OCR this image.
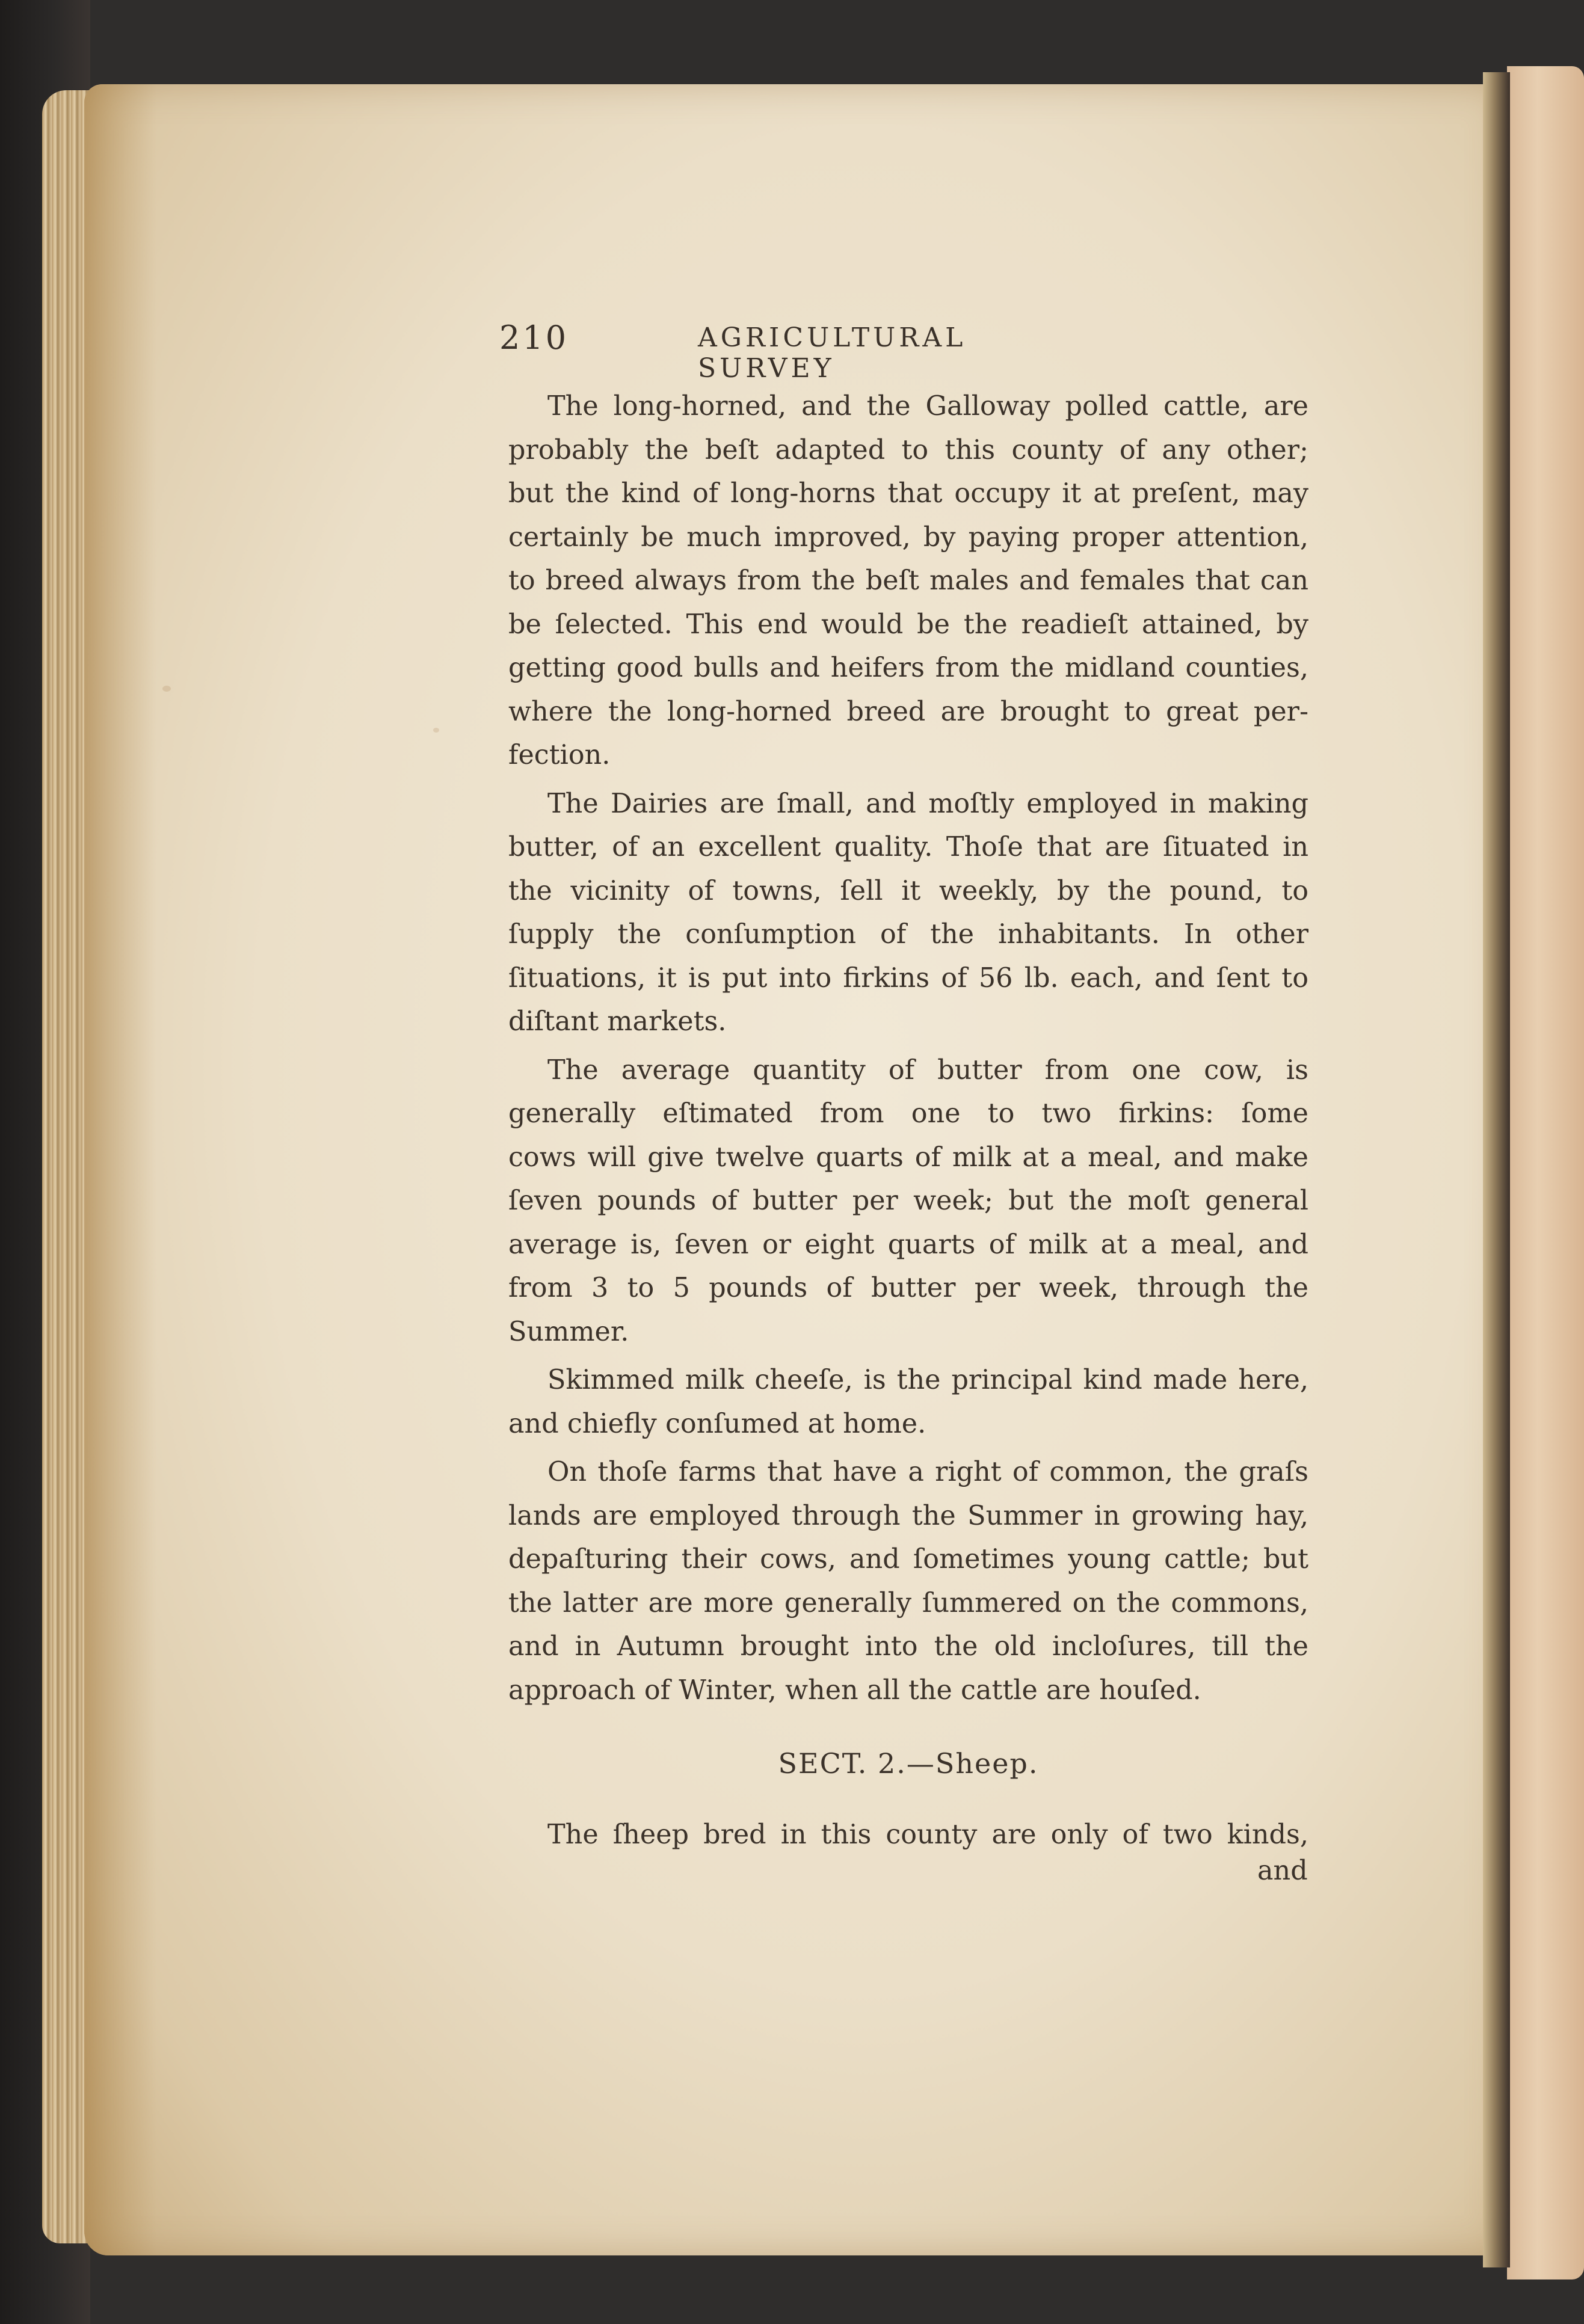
210	AGRICULTURAL SURVEY
The long-horned, and the Galloway polled cattle, are
probably the beſt adapted to this county of any other;
but the kind of long-horns that occupy it at preſent, may
certainly be much improved, by paying proper attention,
to breed always from the beſt males and females that can
be ſelected. This end would be the readieſt attained, by
getting good bulls and heifers from the midland counties,
where the long-horned breed are brought to great per-
fection.
The Dairies are ſmall, and moſtly employed in making
butter, of an excellent quality. Thoſe that are ſituated in
the vicinity of towns, ſell it weekly, by the pound, to
ſupply the conſumption of the inhabitants. In other
ſituations, it is put into firkins of 56 lb. each, and ſent to
diſtant markets.
The average quantity of butter from one cow, is
generally eſtimated from one to two firkins: ſome
cows will give twelve quarts of milk at a meal, and make
ſeven pounds of butter per week; but the moſt general
average is, ſeven or eight quarts of milk at a meal, and
from 3 to 5 pounds of butter per week, through the
Summer.
Skimmed milk cheeſe, is the principal kind made here,
and chiefly conſumed at home.
On thoſe farms that have a right of common, the graſs
lands are employed through the Summer in growing hay,
depaſturing their cows, and ſometimes young cattle; but
the latter are more generally ſummered on the commons,
and in Autumn brought into the old incloſures, till the
approach of Winter, when all the cattle are houſed.
SECT. 2.—Sheep.
The ſheep bred in this county are only of two kinds,
and
